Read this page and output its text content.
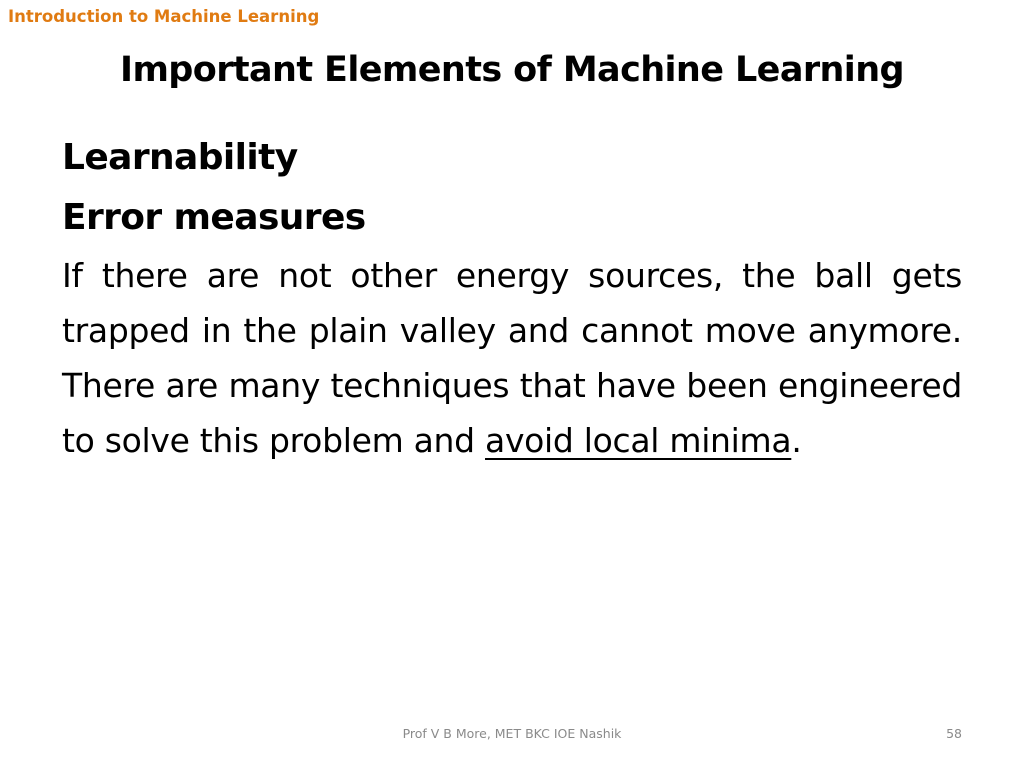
Introduction to Machine Learning
Important Elements of Machine Learning
Learnability
Error measures
If there are not other energy sources, the ball gets trapped in the plain valley and cannot move anymore. There are many techniques that have been engineered to solve this problem and avoid local minima.
Prof V B More, MET BKC IOE Nashik	58
